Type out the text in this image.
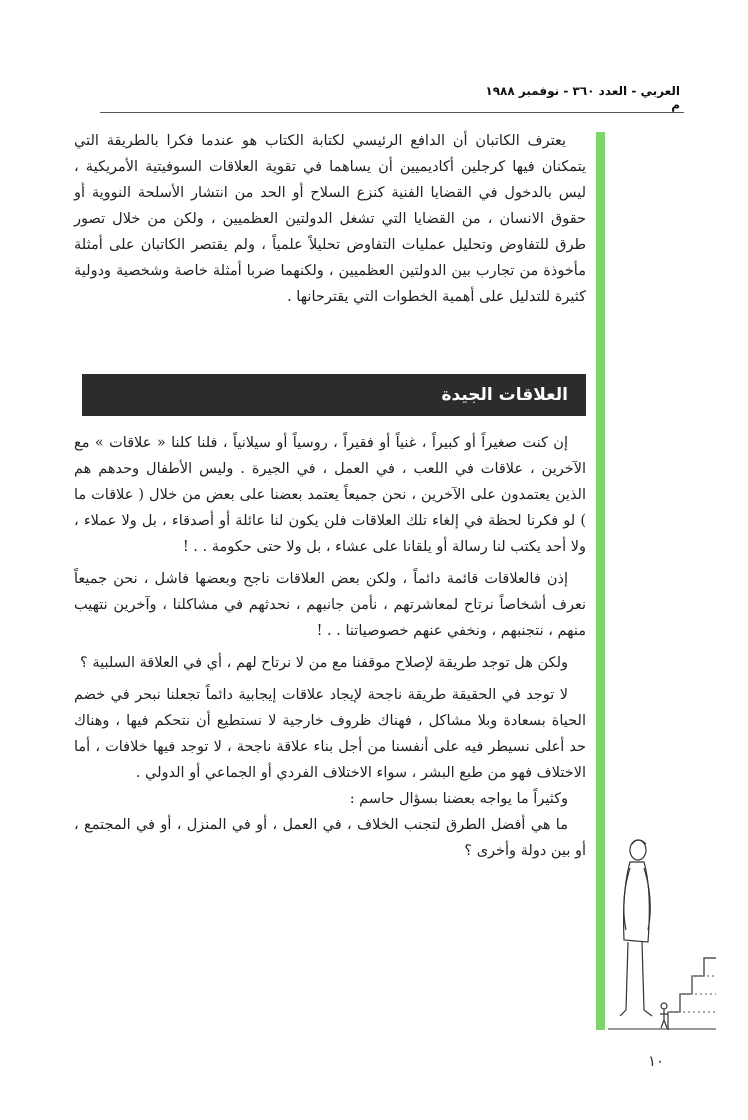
العربي - العدد ٣٦٠ - نوفمبر ١٩٨٨ م

يعترف الكاتبان أن الدافع الرئيسي لكتابة الكتاب هو عندما فكرا بالطريقة التي يتمكنان فيها كرجلين أكاديميين أن يساهما في تقوية العلاقات السوفيتية الأمريكية ، ليس بالدخول في القضايا الفنية كنزع السلاح أو الحد من انتشار الأسلحة النووية أو حقوق الانسان ، من القضايا التي تشغل الدولتين العظميين ، ولكن من خلال تصور طرق للتفاوض وتحليل عمليات التفاوض تحليلاً علمياً ، ولم يقتصر الكاتبان على أمثلة مأخوذة من تجارب بين الدولتين العظميين ، ولكنهما ضربا أمثلة خاصة وشخصية ودولية كثيرة للتدليل على أهمية الخطوات التي يقترحانها .

العلاقات الجيدة

إن كنت صغيراً أو كبيراً ، غنياً أو فقيراً ، روسياً أو سيلانياً ، فلنا كلنا « علاقات » مع الآخرين ، علاقات في اللعب ، في العمل ، في الجيرة . وليس الأطفال وحدهم هم الذين يعتمدون على الآخرين ، نحن جميعاً يعتمد بعضنا على بعض من خلال ( علاقات ما ) لو فكرنا لحظة في إلغاء تلك العلاقات فلن يكون لنا عائلة أو أصدقاء ، بل ولا عملاء ، ولا أحد يكتب لنا رسالة أو يلقانا على عشاء ، بل ولا حتى حكومة . . !

إذن فالعلاقات قائمة دائماً ، ولكن بعض العلاقات ناجح وبعضها فاشل ، نحن جميعاً نعرف أشخاصاً نرتاح لمعاشرتهم ، نأمن جانبهم ، نحدثهم في مشاكلنا ، وآخرين نتهيب منهم ، نتجنبهم ، ونخفي عنهم خصوصياتنا . . !

ولكن هل توجد طريقة لإصلاح موقفنا مع من لا نرتاح لهم ، أي في العلاقة السلبية ؟

لا توجد في الحقيقة طريقة ناجحة لإيجاد علاقات إيجابية دائماً تجعلنا نبحر في خضم الحياة بسعادة وبلا مشاكل ، فهناك ظروف خارجية لا نستطيع أن نتحكم فيها ، وهناك حد أعلى نسيطر فيه على أنفسنا من أجل بناء علاقة ناجحة ، لا توجد فيها خلافات ، أما الاختلاف فهو من طبع البشر ، سواء الاختلاف الفردي أو الجماعي أو الدولي .

وكثيراً ما يواجه بعضنا بسؤال حاسم :

ما هي أفضل الطرق لتجنب الخلاف ، في العمل ، أو في المنزل ، أو في المجتمع ، أو بين دولة وأخرى ؟

١٠
